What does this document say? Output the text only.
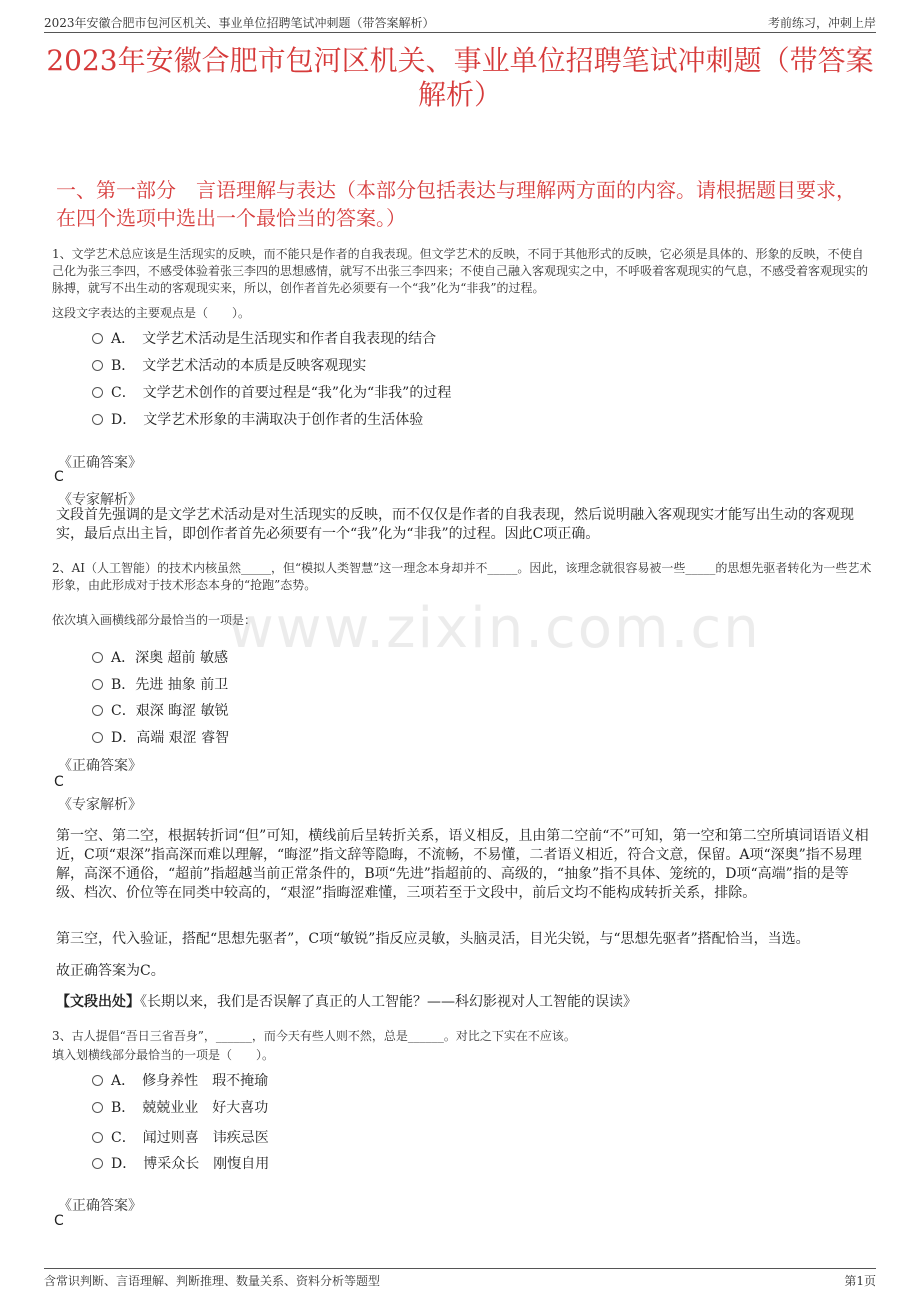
2023年安徽合肥市包河区机关、事业单位招聘笔试冲刺题（带答案解析）	考前练习，冲刺上岸
2023年安徽合肥市包河区机关、事业单位招聘笔试冲刺题（带答案解析）
一、第一部分　言语理解与表达（本部分包括表达与理解两方面的内容。请根据题目要求，在四个选项中选出一个最恰当的答案。）
www.zixin.com.cn
1、文学艺术总应该是生活现实的反映，而不能只是作者的自我表现。但文学艺术的反映，不同于其他形式的反映，它必须是具体的、形象的反映，不使自己化为张三李四，不感受体验着张三李四的思想感情，就写不出张三李四来；不使自己融入客观现实之中，不呼吸着客观现实的气息，不感受着客观现实的脉搏，就写不出生动的客观现实来，所以，创作者首先必须要有一个“我”化为“非我”的过程。
这段文字表达的主要观点是（　　）。
A．　文学艺术活动是生活现实和作者自我表现的结合
B．　文学艺术活动的本质是反映客观现实
C．　文学艺术创作的首要过程是“我”化为“非我”的过程
D．　文学艺术形象的丰满取决于创作者的生活体验
《正确答案》
C
《专家解析》
文段首先强调的是文学艺术活动是对生活现实的反映，而不仅仅是作者的自我表现，然后说明融入客观现实才能写出生动的客观现实，最后点出主旨，即创作者首先必须要有一个“我”化为“非我”的过程。因此C项正确。
2、AI（人工智能）的技术内核虽然_____，但“模拟人类智慧”这一理念本身却并不_____。因此，该理念就很容易被一些_____的思想先驱者转化为一些艺术形象，由此形成对于技术形态本身的“抢跑”态势。
依次填入画横线部分最恰当的一项是：
A．深奥 超前 敏感
B．先进 抽象 前卫
C．艰深 晦涩 敏锐
D．高端 艰涩 睿智
《正确答案》
C
《专家解析》
第一空、第二空，根据转折词“但”可知，横线前后呈转折关系，语义相反，且由第二空前“不”可知，第一空和第二空所填词语语义相近，C项“艰深”指高深而难以理解，“晦涩”指文辞等隐晦，不流畅，不易懂，二者语义相近，符合文意，保留。A项“深奥”指不易理解，高深不通俗，“超前”指超越当前正常条件的，B项“先进”指超前的、高级的，“抽象”指不具体、笼统的，D项“高端”指的是等级、档次、价位等在同类中较高的，“艰涩”指晦涩难懂，三项若至于文段中，前后文均不能构成转折关系，排除。
第三空，代入验证，搭配“思想先驱者”，C项“敏锐”指反应灵敏，头脑灵活，目光尖锐，与“思想先驱者”搭配恰当，当选。
故正确答案为C。
【文段出处】《长期以来，我们是否误解了真正的人工智能？——科幻影视对人工智能的误读》
3、古人提倡“吾日三省吾身”，______，而今天有些人则不然，总是______。对比之下实在不应该。
填入划横线部分最恰当的一项是（　　）。
A．　修身养性　瑕不掩瑜
B．　兢兢业业　好大喜功
C．　闻过则喜　讳疾忌医
D．　博采众长　刚愎自用
《正确答案》
C
含常识判断、言语理解、判断推理、数量关系、资料分析等题型	第1页
